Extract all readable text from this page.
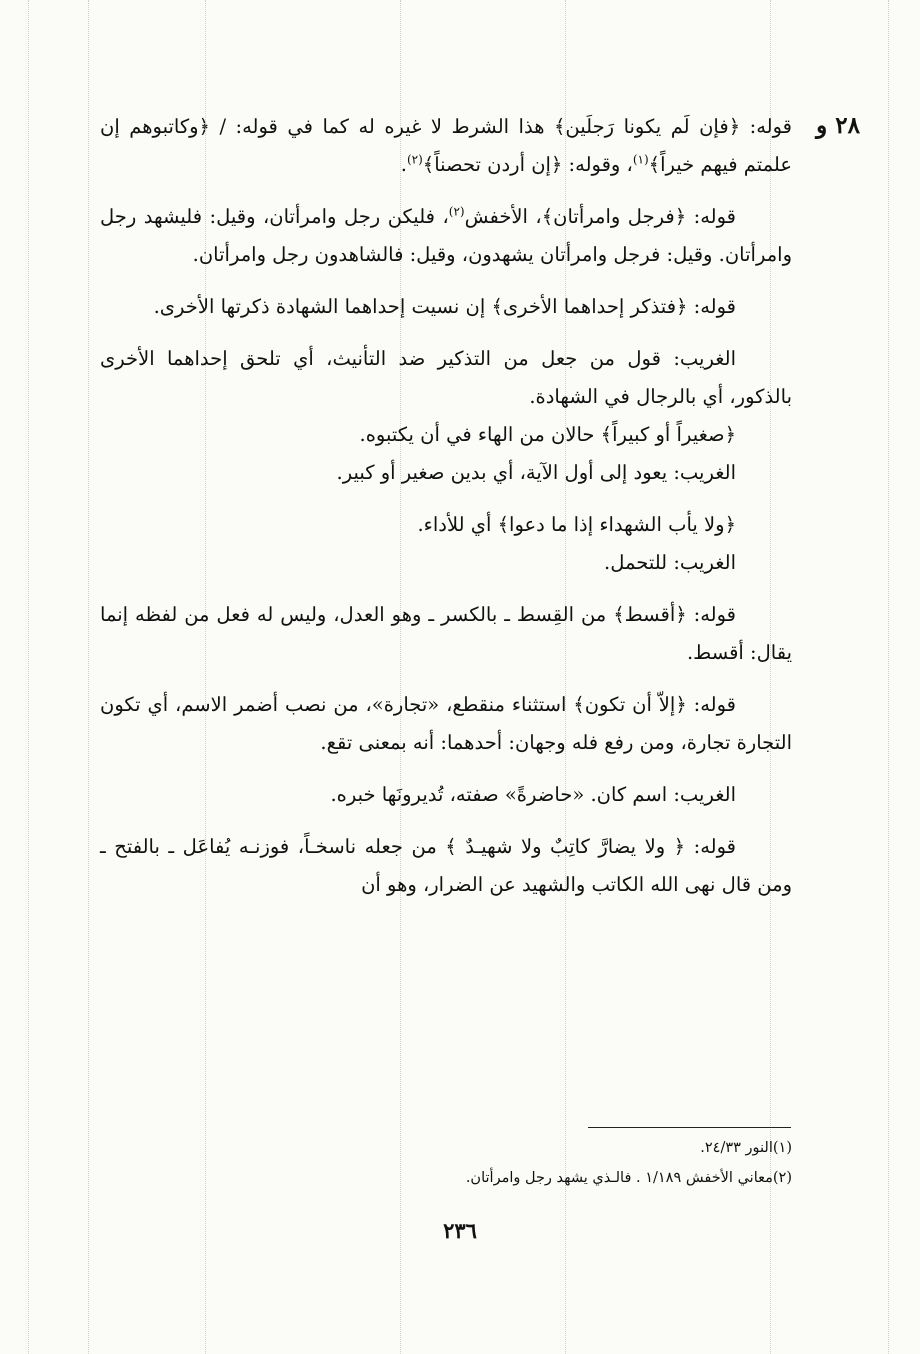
٢٨ و

قوله: ﴿فإن لَم يكونا رَجلَين﴾ هذا الشرط لا غيره له كما في قوله: / ﴿وكاتبوهم إن علمتم فيهم خيراً﴾$^{(١)}$، وقوله: ﴿إن أردن تحصناً﴾$^{(٢)}$.

قوله: ﴿فرجل وامرأتان﴾، الأخفش$^{(٢)}$، فليكن رجل وامرأتان، وقيل: فليشهد رجل وامرأتان. وقيل: فرجل وامرأتان يشهدون، وقيل: فالشاهدون رجل وامرأتان.

قوله: ﴿فتذكر إحداهما الأخرى﴾ إن نسيت إحداهما الشهادة ذكرتها الأخرى.

الغريب: قول من جعل من التذكير ضد التأنيث، أي تلحق إحداهما الأخرى بالذكور، أي بالرجال في الشهادة.

﴿صغيراً أو كبيراً﴾ حالان من الهاء في أن يكتبوه.

الغريب: يعود إلى أول الآية، أي بدين صغير أو كبير.

﴿ولا يأب الشهداء إذا ما دعوا﴾ أي للأداء.

الغريب: للتحمل.

قوله: ﴿أقسط﴾ من القِسط ـ بالكسر ـ وهو العدل، وليس له فعل من لفظه إنما يقال: أقسط.

قوله: ﴿إلاّ أن تكون﴾ استثناء منقطع، «تجارة»، من نصب أضمر الاسم، أي تكون التجارة تجارة، ومن رفع فله وجهان: أحدهما: أنه بمعنى تقع.

الغريب: اسم كان. «حاضرةً» صفته، تُديرونَها خبره.

قوله: ﴿ ولا يضارَّ كاتِبٌ ولا شهيـدٌ ﴾ من جعله ناسخـاً، فوزنـه يُفاعَل ـ بالفتح ـ ومن قال نهى الله الكاتب والشهيد عن الضرار، وهو أن

(١)النور ٢٤/٣٣.
(٢)معاني الأخفش ١/١٨٩ . فالـذي يشهد رجل وامرأتان.
٢٣٦
